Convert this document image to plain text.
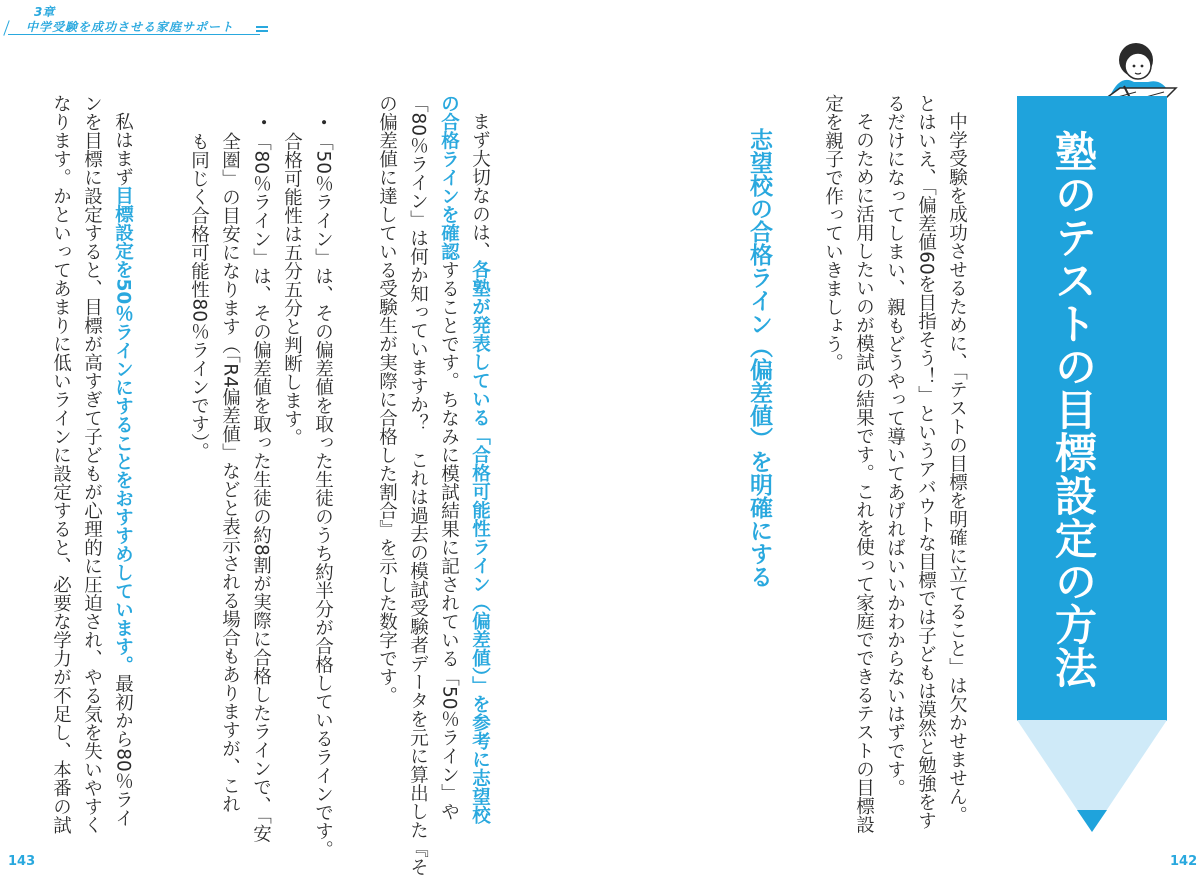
3章
中学受験を成功させる家庭サポート
塾のテストの目標設定の方法
中学受験を成功させるために、「テストの目標を明確に立てること」は欠かせません。
とはいえ、「偏差値60を目指そう！」というアバウトな目標では子どもは漠然と勉強をす
るだけになってしまい、親もどうやって導いてあげればいいかわからないはずです。
そのために活用したいのが模試の結果です。これを使って家庭でできるテストの目標設
定を親子で作っていきましょう。
志望校の合格ライン（偏差値）を明確にする
まず大切なのは、各塾が発表している「合格可能性ライン（偏差値）」を参考に志望校
の合格ラインを確認することです。ちなみに模試結果に記されている「50％ライン」や
「80％ライン」は何か知っていますか？　これは過去の模試受験者データを元に算出した『そ
の偏差値に達している受験生が実際に合格した割合』を示した数字です。
•
「50％ライン」は、その偏差値を取った生徒のうち約半分が合格しているラインです。
合格可能性は五分五分と判断します。
•
「80％ライン」は、その偏差値を取った生徒の約8割が実際に合格したラインで、「安
全圏」の目安になります（「R4偏差値」などと表示される場合もありますが、これ
も同じく合格可能性80％ラインです）。
私はまず目標設定を50％ラインにすることをおすすめしています。最初から80％ライ
ンを目標に設定すると、目標が高すぎて子どもが心理的に圧迫され、やる気を失いやすく
なります。かといってあまりに低いラインに設定すると、必要な学力が不足し、本番の試
143	142
